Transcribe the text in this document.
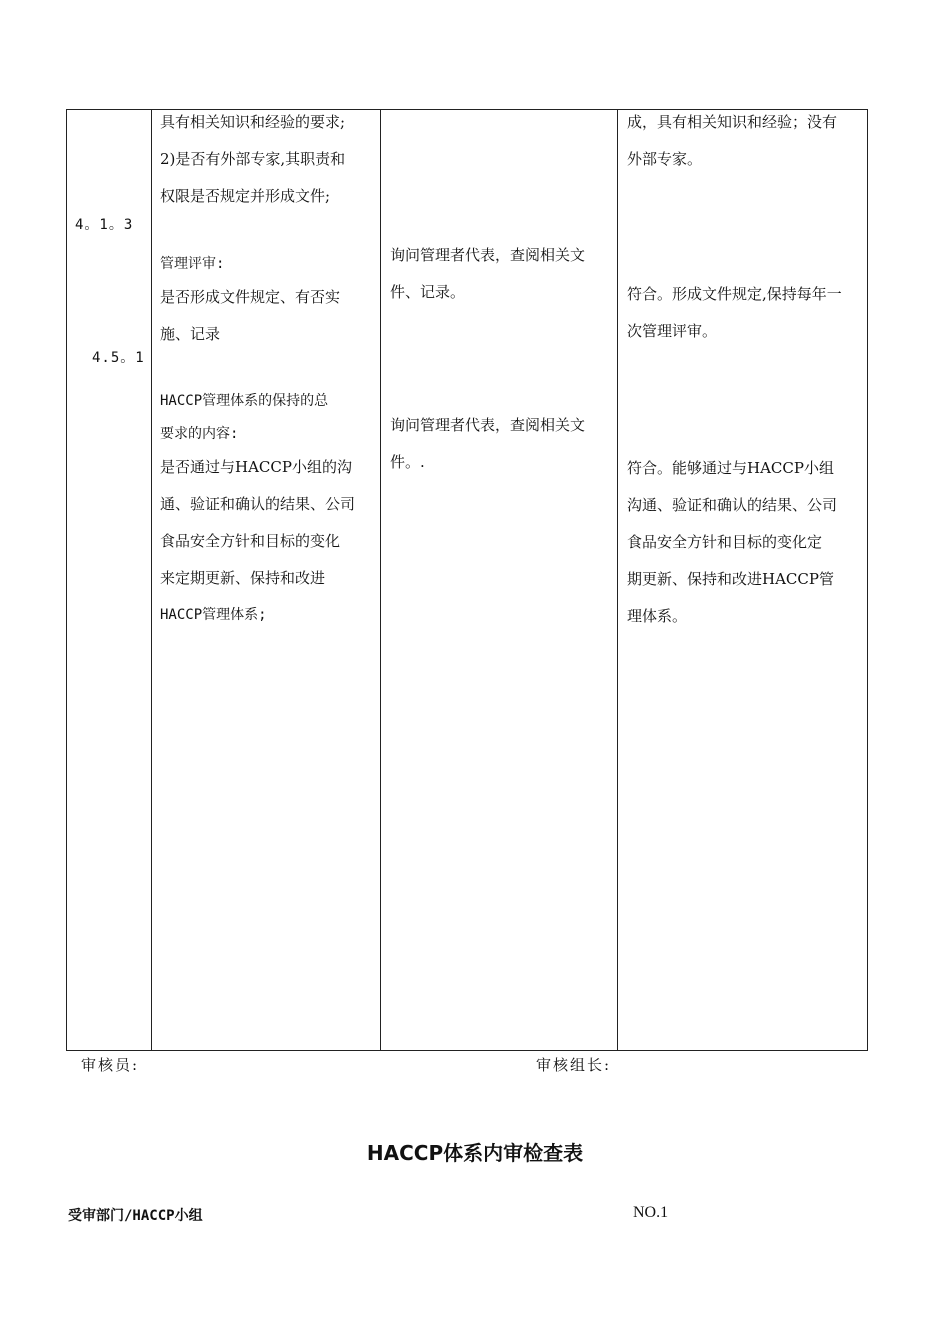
4。1。3
4.5。1
具有相关知识和经验的要求;
2)是否有外部专家,其职责和
权限是否规定并形成文件;
管理评审:
是否形成文件规定、有否实
施、记录
HACCP管理体系的保持的总
要求的内容:
是否通过与HACCP小组的沟
通、验证和确认的结果、公司
食品安全方针和目标的变化
来定期更新、保持和改进
HACCP管理体系;
询问管理者代表，查阅相关文
件、记录。
询问管理者代表，查阅相关文
件。.
成，具有相关知识和经验；没有
外部专家。
符合。形成文件规定,保持每年一
次管理评审。
符合。能够通过与HACCP小组
沟通、验证和确认的结果、公司
食品安全方针和目标的变化定
期更新、保持和改进HACCP管
理体系。
审核员:	审核组长:
HACCP体系内审检查表
受审部门/HACCP小组	NO.1
